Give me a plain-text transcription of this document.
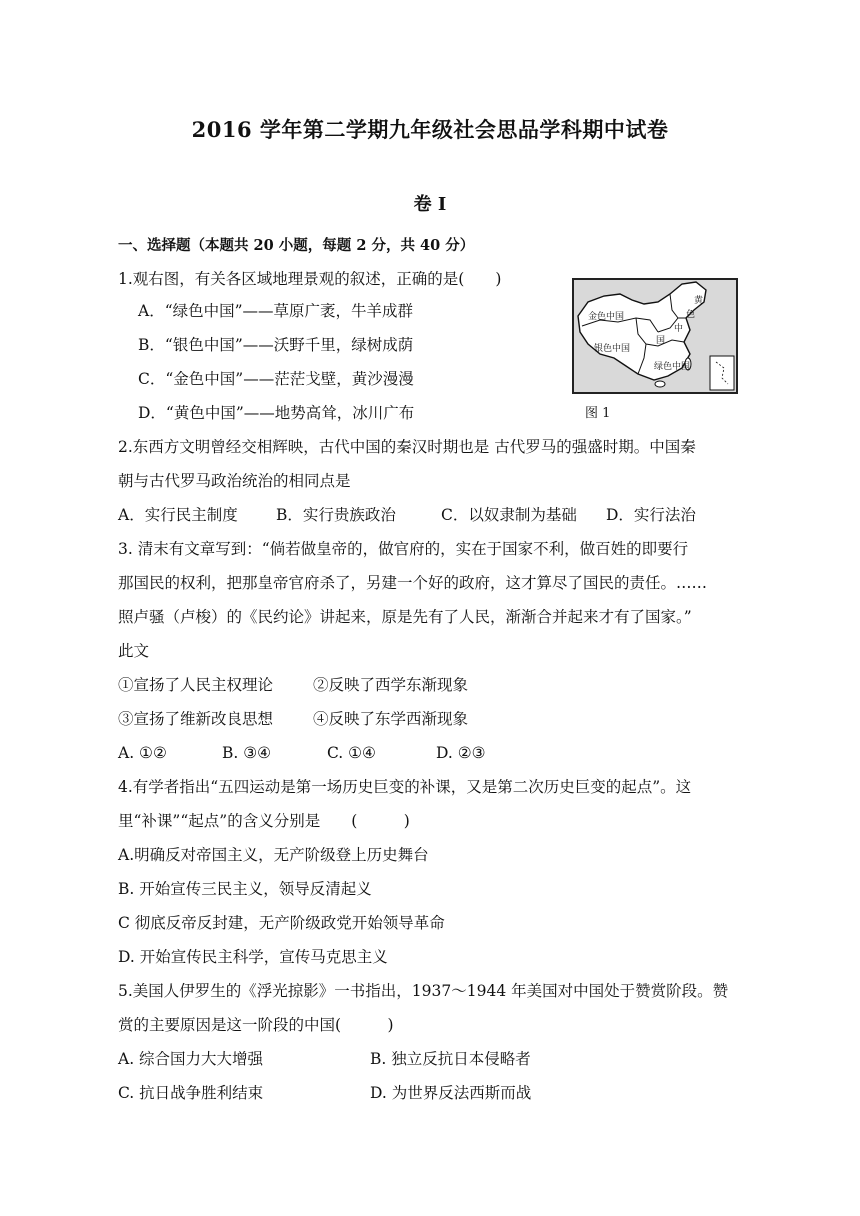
2016 学年第二学期九年级社会思品学科期中试卷
卷 I
一、选择题（本题共 20 小题，每题 2 分，共 40 分）
1.观右图，有关各区域地理景观的叙述，正确的是(　　)
A．“绿色中国”——草原广袤，牛羊成群
B．“银色中国”——沃野千里，绿树成荫
C．“金色中国”——茫茫戈壁，黄沙漫漫
D．“黄色中国”——地势高耸，冰川广布
金色中国
银色中国
绿色中国
黄
色
中
国
图 1
2.东西方文明曾经交相辉映，古代中国的秦汉时期也是 古代罗马的强盛时期。中国秦
朝与古代罗马政治统治的相同点是
A．实行民主制度 B．实行贵族政治	C．以奴隶制为基础 D．实行法治
3. 清末有文章写到：“倘若做皇帝的，做官府的，实在于国家不利，做百姓的即要行
那国民的权利，把那皇帝官府杀了，另建一个好的政府，这才算尽了国民的责任。……
照卢骚（卢梭）的《民约论》讲起来，原是先有了人民，渐渐合并起来才有了国家。”
此文
①宣扬了人民主权理论	②反映了西学东渐现象
③宣扬了维新改良思想	④反映了东学西渐现象
A. ①②	B. ③④	C. ①④	D. ②③
4.有学者指出“五四运动是第一场历史巨变的补课，又是第二次历史巨变的起点”。这
里“补课”“起点”的含义分别是　　(　　　)
A.明确反对帝国主义，无产阶级登上历史舞台
B. 开始宣传三民主义，领导反清起义
C 彻底反帝反封建，无产阶级政党开始领导革命
D. 开始宣传民主科学，宣传马克思主义
5.美国人伊罗生的《浮光掠影》一书指出，1937～1944 年美国对中国处于赞赏阶段。赞
赏的主要原因是这一阶段的中国(　　　)
A. 综合国力大大增强	B. 独立反抗日本侵略者
C. 抗日战争胜利结束	D. 为世界反法西斯而战
